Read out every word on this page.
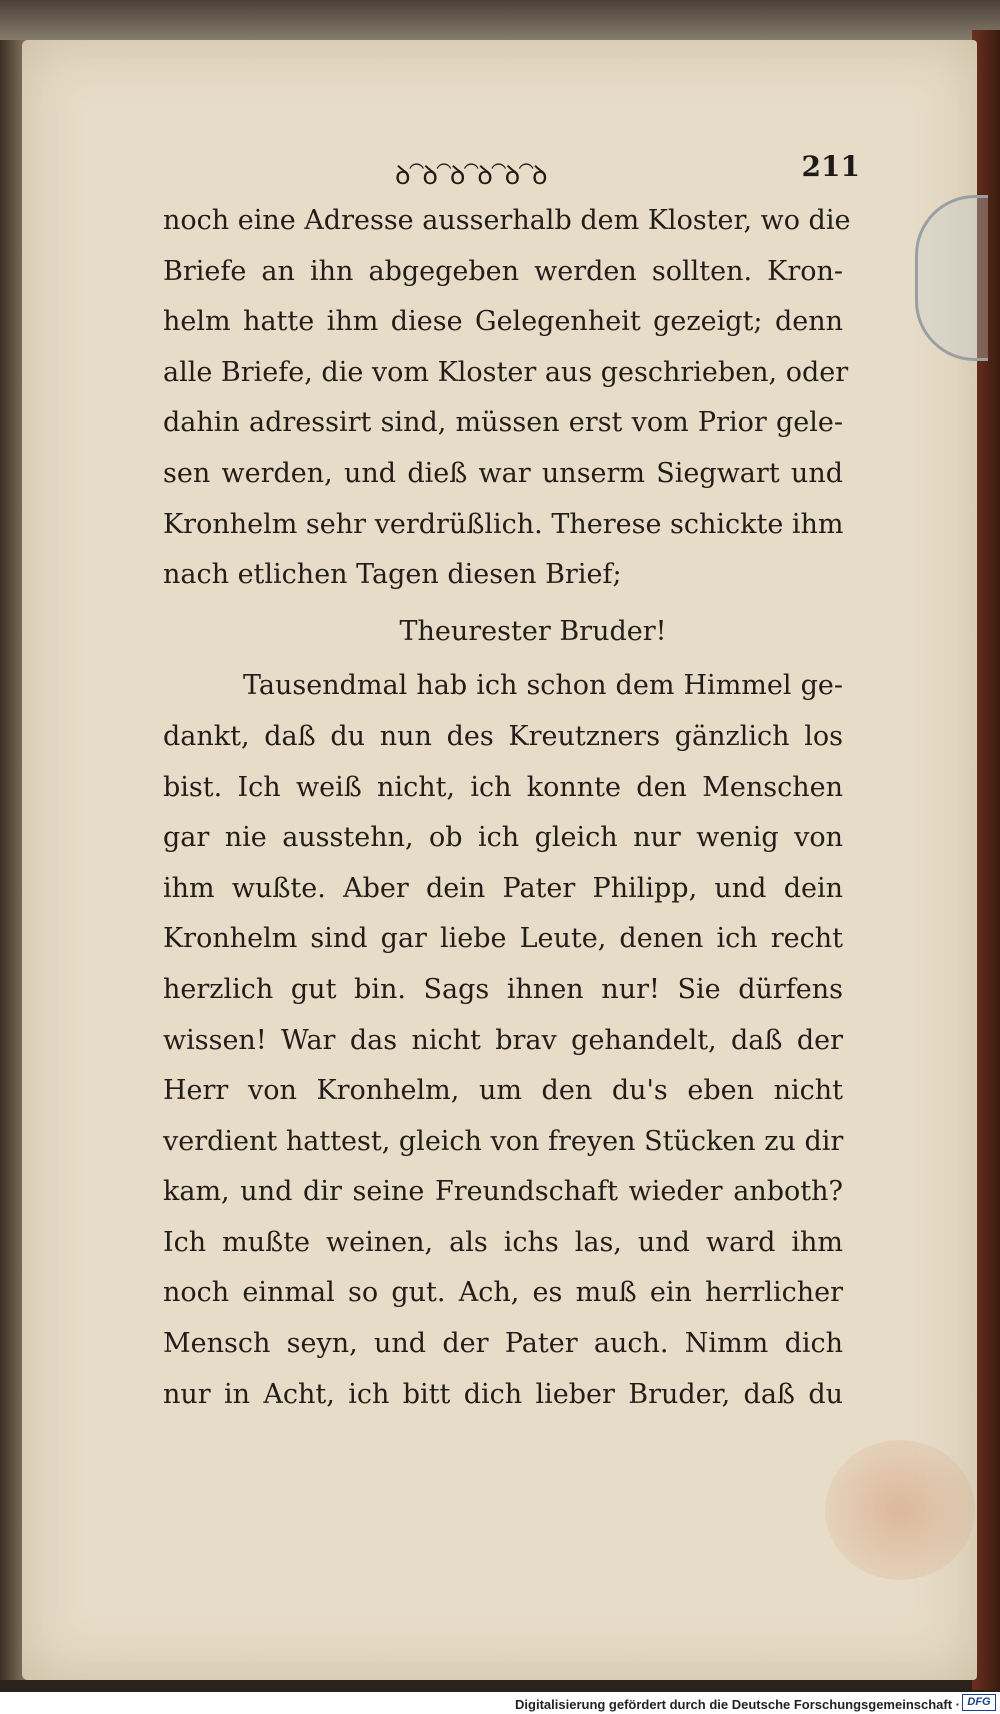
ꝺ⁀ꝺ⁀ꝺ⁀ꝺ⁀ꝺ⁀ꝺ	211
noch eine Adresse ausserhalb dem Kloster, wo die
Briefe an ihn abgegeben werden sollten. Kron-
helm hatte ihm diese Gelegenheit gezeigt; denn
alle Briefe, die vom Kloster aus geschrieben, oder
dahin adressirt sind, müssen erst vom Prior gele-
sen werden, und dieß war unserm Siegwart und
Kronhelm sehr verdrüßlich. Therese schickte ihm
nach etlichen Tagen diesen Brief;
Theurester Bruder!
Tausendmal hab ich schon dem Himmel ge-
dankt, daß du nun des Kreutzners gänzlich los
bist. Ich weiß nicht, ich konnte den Menschen
gar nie ausstehn, ob ich gleich nur wenig von
ihm wußte. Aber dein Pater Philipp, und dein
Kronhelm sind gar liebe Leute, denen ich recht
herzlich gut bin. Sags ihnen nur! Sie dürfens
wissen! War das nicht brav gehandelt, daß der
Herr von Kronhelm, um den du's eben nicht
verdient hattest, gleich von freyen Stücken zu dir
kam, und dir seine Freundschaft wieder anboth?
Ich mußte weinen, als ichs las, und ward ihm
noch einmal so gut. Ach, es muß ein herrlicher
Mensch seyn, und der Pater auch. Nimm dich
nur in Acht, ich bitt dich lieber Bruder, daß du
Digitalisierung gefördert durch die Deutsche Forschungsgemeinschaft · DFG
